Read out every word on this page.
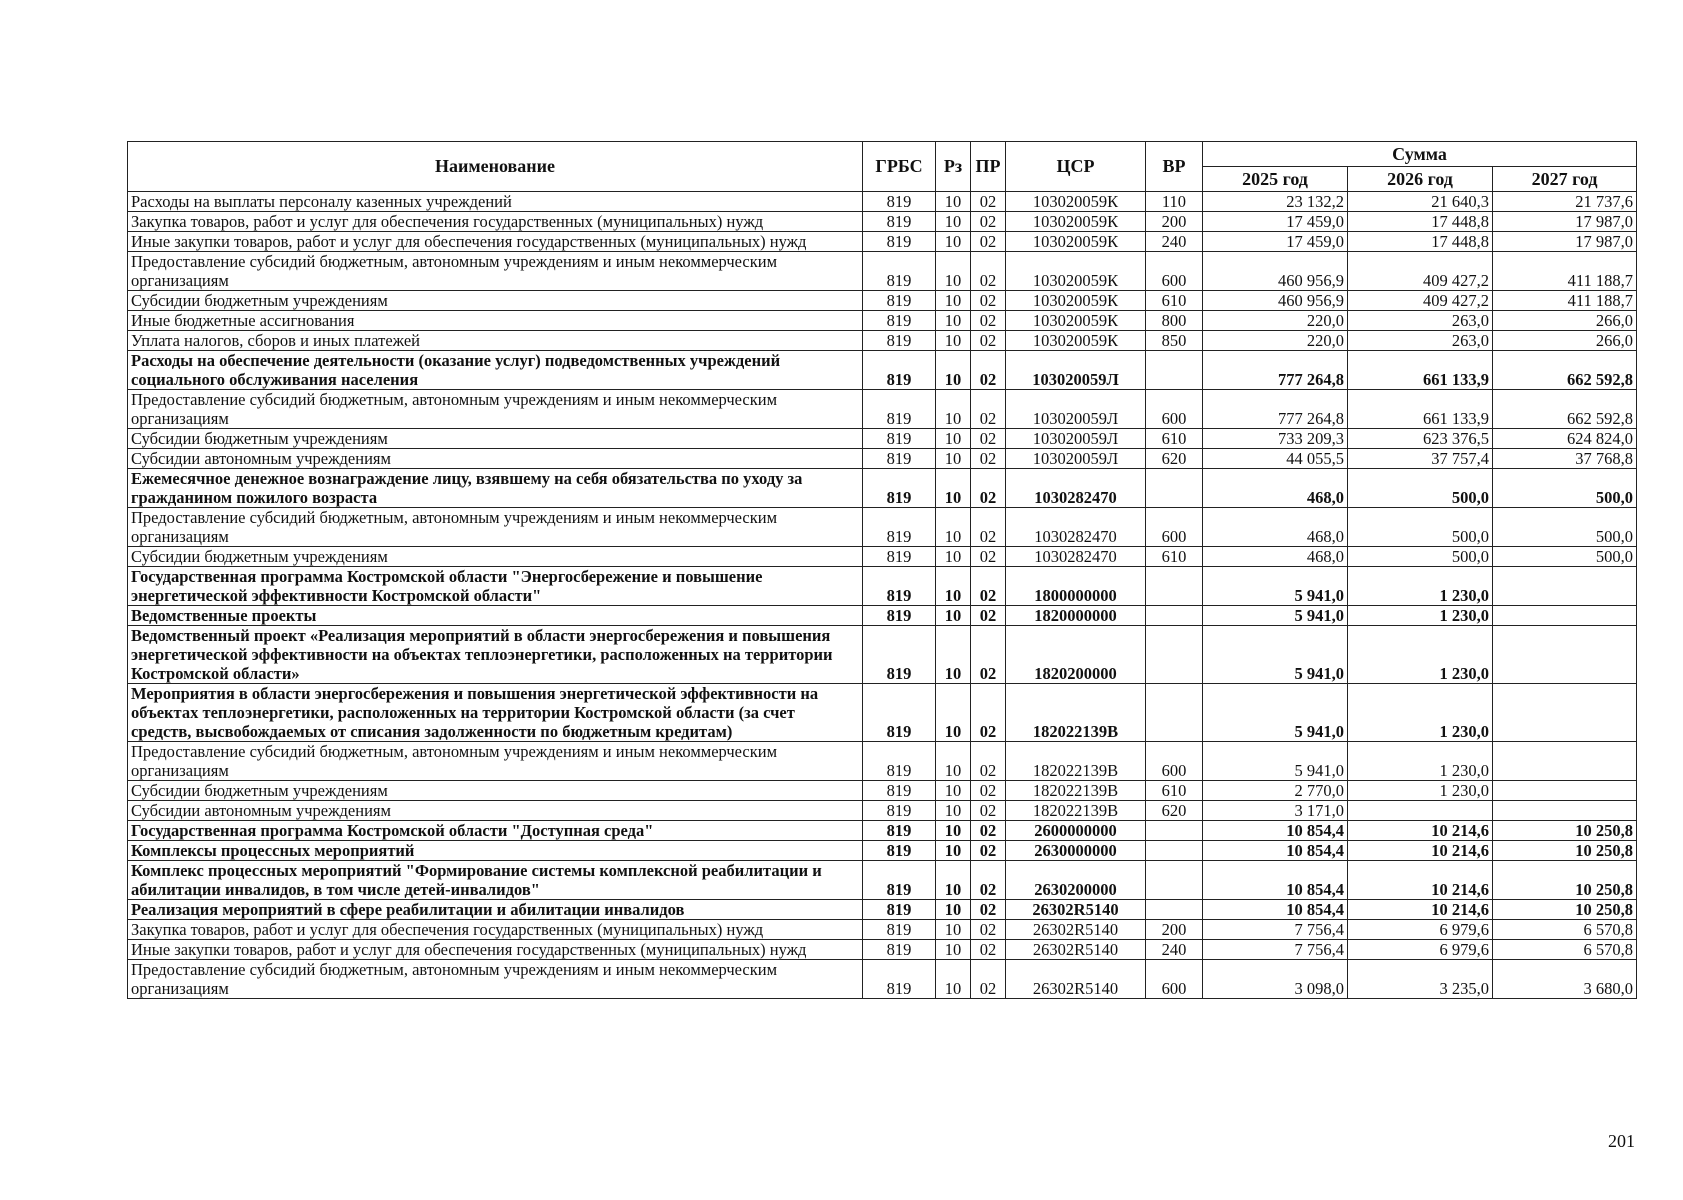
Наименование	ГРБС	Рз	ПР	ЦСР	ВР	Сумма		
						2025 год	2026 год	2027 год
Расходы на выплаты персоналу казенных учреждений	819	10	02	103020059К	110	23 132,2	21 640,3	21 737,6
Закупка товаров, работ и услуг для обеспечения государственных (муниципальных) нужд	819	10	02	103020059К	200	17 459,0	17 448,8	17 987,0
Иные закупки товаров, работ и услуг для обеспечения государственных (муниципальных) нужд	819	10	02	103020059К	240	17 459,0	17 448,8	17 987,0
Предоставление субсидий бюджетным, автономным учреждениям и иным некоммерческим организациям	819	10	02	103020059К	600	460 956,9	409 427,2	411 188,7
Субсидии бюджетным учреждениям	819	10	02	103020059К	610	460 956,9	409 427,2	411 188,7
Иные бюджетные ассигнования	819	10	02	103020059К	800	220,0	263,0	266,0
Уплата налогов, сборов и иных платежей	819	10	02	103020059К	850	220,0	263,0	266,0
Расходы на обеспечение деятельности (оказание услуг) подведомственных учреждений социального обслуживания населения	819	10	02	103020059Л		777 264,8	661 133,9	662 592,8
Предоставление субсидий бюджетным, автономным учреждениям и иным некоммерческим организациям	819	10	02	103020059Л	600	777 264,8	661 133,9	662 592,8
Субсидии бюджетным учреждениям	819	10	02	103020059Л	610	733 209,3	623 376,5	624 824,0
Субсидии автономным учреждениям	819	10	02	103020059Л	620	44 055,5	37 757,4	37 768,8
Ежемесячное денежное вознаграждение лицу, взявшему на себя обязательства по уходу за гражданином пожилого возраста	819	10	02	1030282470		468,0	500,0	500,0
Предоставление субсидий бюджетным, автономным учреждениям и иным некоммерческим организациям	819	10	02	1030282470	600	468,0	500,0	500,0
Субсидии бюджетным учреждениям	819	10	02	1030282470	610	468,0	500,0	500,0
Государственная программа Костромской области "Энергосбережение и повышение энергетической эффективности Костромской области"	819	10	02	1800000000		5 941,0	1 230,0	
Ведомственные проекты	819	10	02	1820000000		5 941,0	1 230,0	
Ведомственный проект «Реализация мероприятий в области энергосбережения и повышения энергетической эффективности на объектах теплоэнергетики, расположенных на территории Костромской области»	819	10	02	1820200000		5 941,0	1 230,0	
Мероприятия в области энергосбережения и повышения энергетической эффективности на объектах теплоэнергетики, расположенных на территории Костромской области (за счет средств, высвобождаемых от списания задолженности по бюджетным кредитам)	819	10	02	182022139В		5 941,0	1 230,0	
Предоставление субсидий бюджетным, автономным учреждениям и иным некоммерческим организациям	819	10	02	182022139В	600	5 941,0	1 230,0	
Субсидии бюджетным учреждениям	819	10	02	182022139В	610	2 770,0	1 230,0	
Субсидии автономным учреждениям	819	10	02	182022139В	620	3 171,0		
Государственная программа Костромской области "Доступная среда"	819	10	02	2600000000		10 854,4	10 214,6	10 250,8
Комплексы процессных мероприятий	819	10	02	2630000000		10 854,4	10 214,6	10 250,8
Комплекс процессных мероприятий "Формирование системы комплексной реабилитации и абилитации инвалидов, в том числе детей-инвалидов"	819	10	02	2630200000		10 854,4	10 214,6	10 250,8
Реализация мероприятий в сфере реабилитации и абилитации инвалидов	819	10	02	26302R5140		10 854,4	10 214,6	10 250,8
Закупка товаров, работ и услуг для обеспечения государственных (муниципальных) нужд	819	10	02	26302R5140	200	7 756,4	6 979,6	6 570,8
Иные закупки товаров, работ и услуг для обеспечения государственных (муниципальных) нужд	819	10	02	26302R5140	240	7 756,4	6 979,6	6 570,8
Предоставление субсидий бюджетным, автономным учреждениям и иным некоммерческим организациям	819	10	02	26302R5140	600	3 098,0	3 235,0	3 680,0
201
